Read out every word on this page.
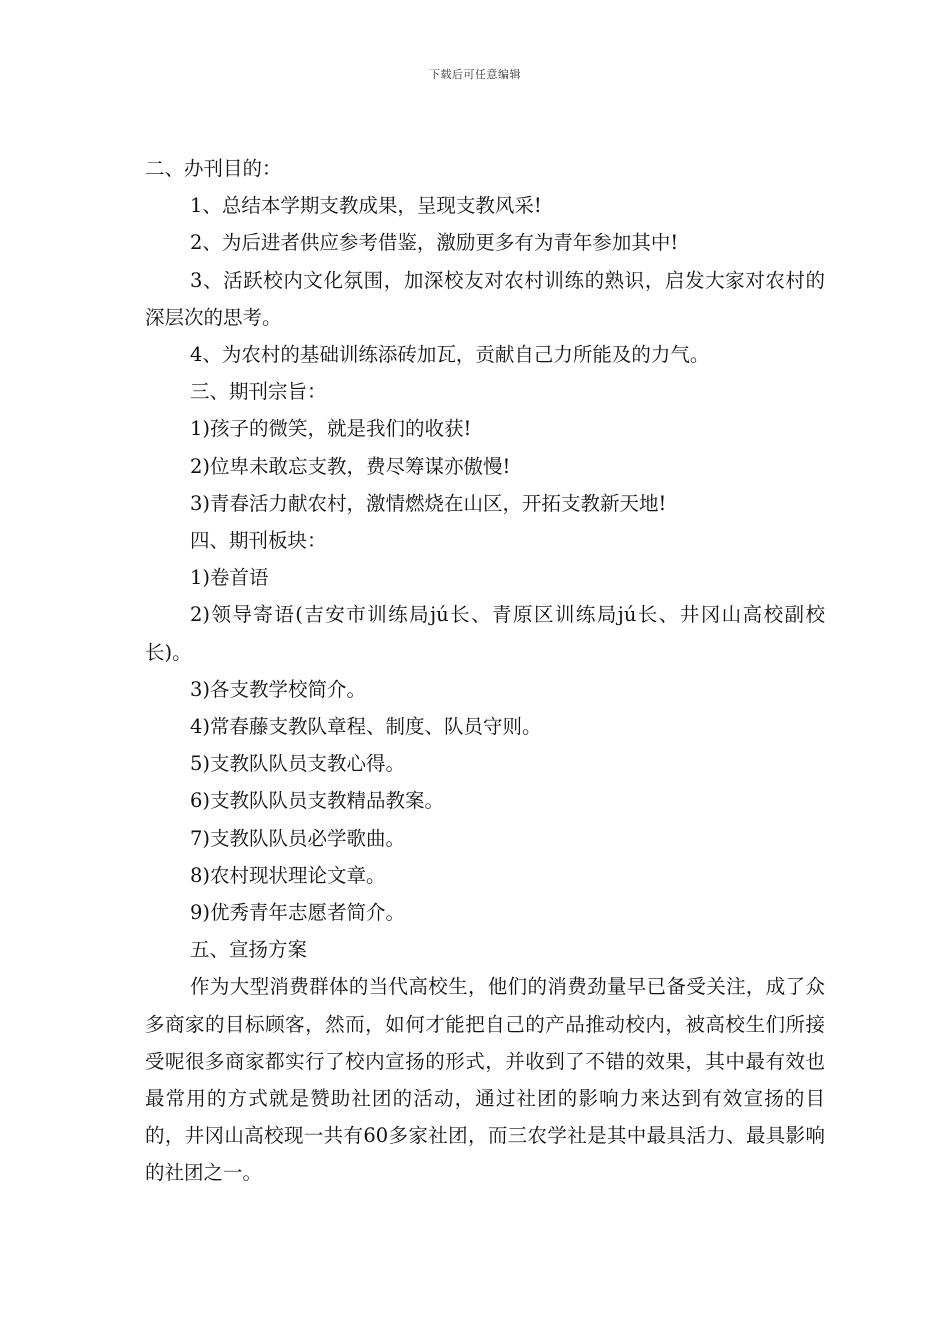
下载后可任意编辑

二、办刊目的：

1、总结本学期支教成果，呈现支教风采!

2、为后进者供应参考借鉴，激励更多有为青年参加其中!

3、活跃校内文化氛围，加深校友对农村训练的熟识，启发大家对农村的深层次的思考。

4、为农村的基础训练添砖加瓦，贡献自己力所能及的力气。

三、期刊宗旨：

1)孩子的微笑，就是我们的收获!

2)位卑未敢忘支教，费尽筹谋亦傲慢!

3)青春活力献农村，激情燃烧在山区，开拓支教新天地!

四、期刊板块：

1)卷首语

2)领导寄语(吉安市训练局jú长、青原区训练局jú长、井冈山高校副校长)。

3)各支教学校简介。

4)常春藤支教队章程、制度、队员守则。

5)支教队队员支教心得。

6)支教队队员支教精品教案。

7)支教队队员必学歌曲。

8)农村现状理论文章。

9)优秀青年志愿者简介。

五、宣扬方案

作为大型消费群体的当代高校生，他们的消费劲量早已备受关注，成了众多商家的目标顾客，然而，如何才能把自己的产品推动校内，被高校生们所接受呢很多商家都实行了校内宣扬的形式，并收到了不错的效果，其中最有效也最常用的方式就是赞助社团的活动，通过社团的影响力来达到有效宣扬的目的，井冈山高校现一共有60多家社团，而三农学社是其中最具活力、最具影响的社团之一。
